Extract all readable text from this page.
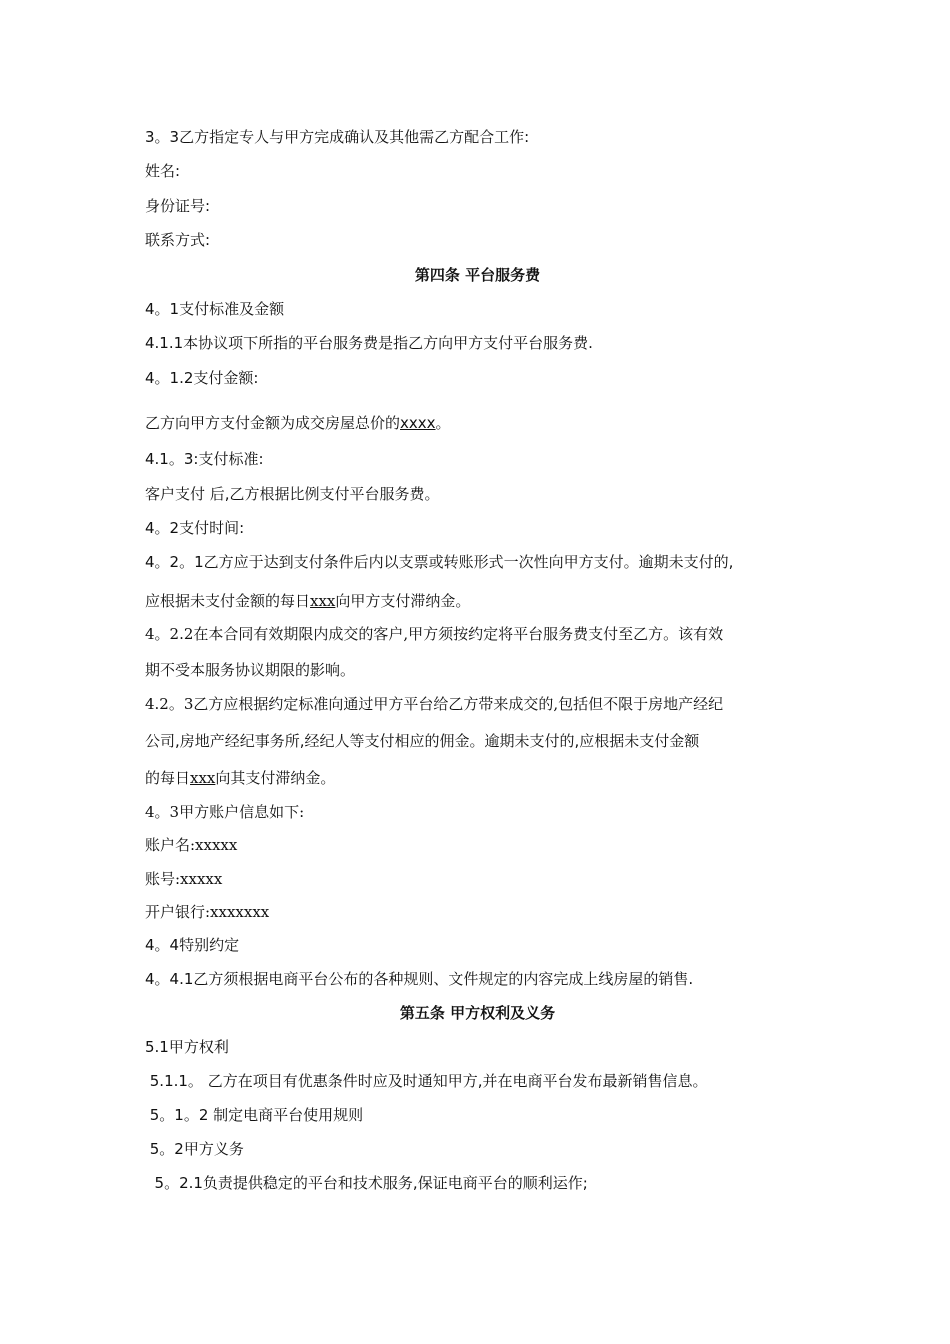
3。3乙方指定专人与甲方完成确认及其他需乙方配合工作:
姓名:
身份证号:
联系方式:
第四条 平台服务费
4。1支付标准及金额
4.1.1本协议项下所指的平台服务费是指乙方向甲方支付平台服务费.
4。1.2支付金额:
乙方向甲方支付金额为成交房屋总价的xxxx。
4.1。3:支付标准:
客户支付 后,乙方根据比例支付平台服务费。
4。2支付时间:
4。2。1乙方应于达到支付条件后内以支票或转账形式一次性向甲方支付。逾期未支付的,
应根据未支付金额的每日xxx向甲方支付滞纳金。
4。2.2在本合同有效期限内成交的客户,甲方须按约定将平台服务费支付至乙方。该有效
期不受本服务协议期限的影响。
4.2。3乙方应根据约定标准向通过甲方平台给乙方带来成交的,包括但不限于房地产经纪
公司,房地产经纪事务所,经纪人等支付相应的佣金。逾期未支付的,应根据未支付金额
的每日xxx向其支付滞纳金。
4。3甲方账户信息如下:
账户名:xxxxx
账号:xxxxx
开户银行:xxxxxxx
4。4特别约定
4。4.1乙方须根据电商平台公布的各种规则、文件规定的内容完成上线房屋的销售.
第五条 甲方权利及义务
5.1甲方权利
5.1.1。 乙方在项目有优惠条件时应及时通知甲方,并在电商平台发布最新销售信息。
5。1。2 制定电商平台使用规则
5。2甲方义务
5。2.1负责提供稳定的平台和技术服务,保证电商平台的顺利运作;
